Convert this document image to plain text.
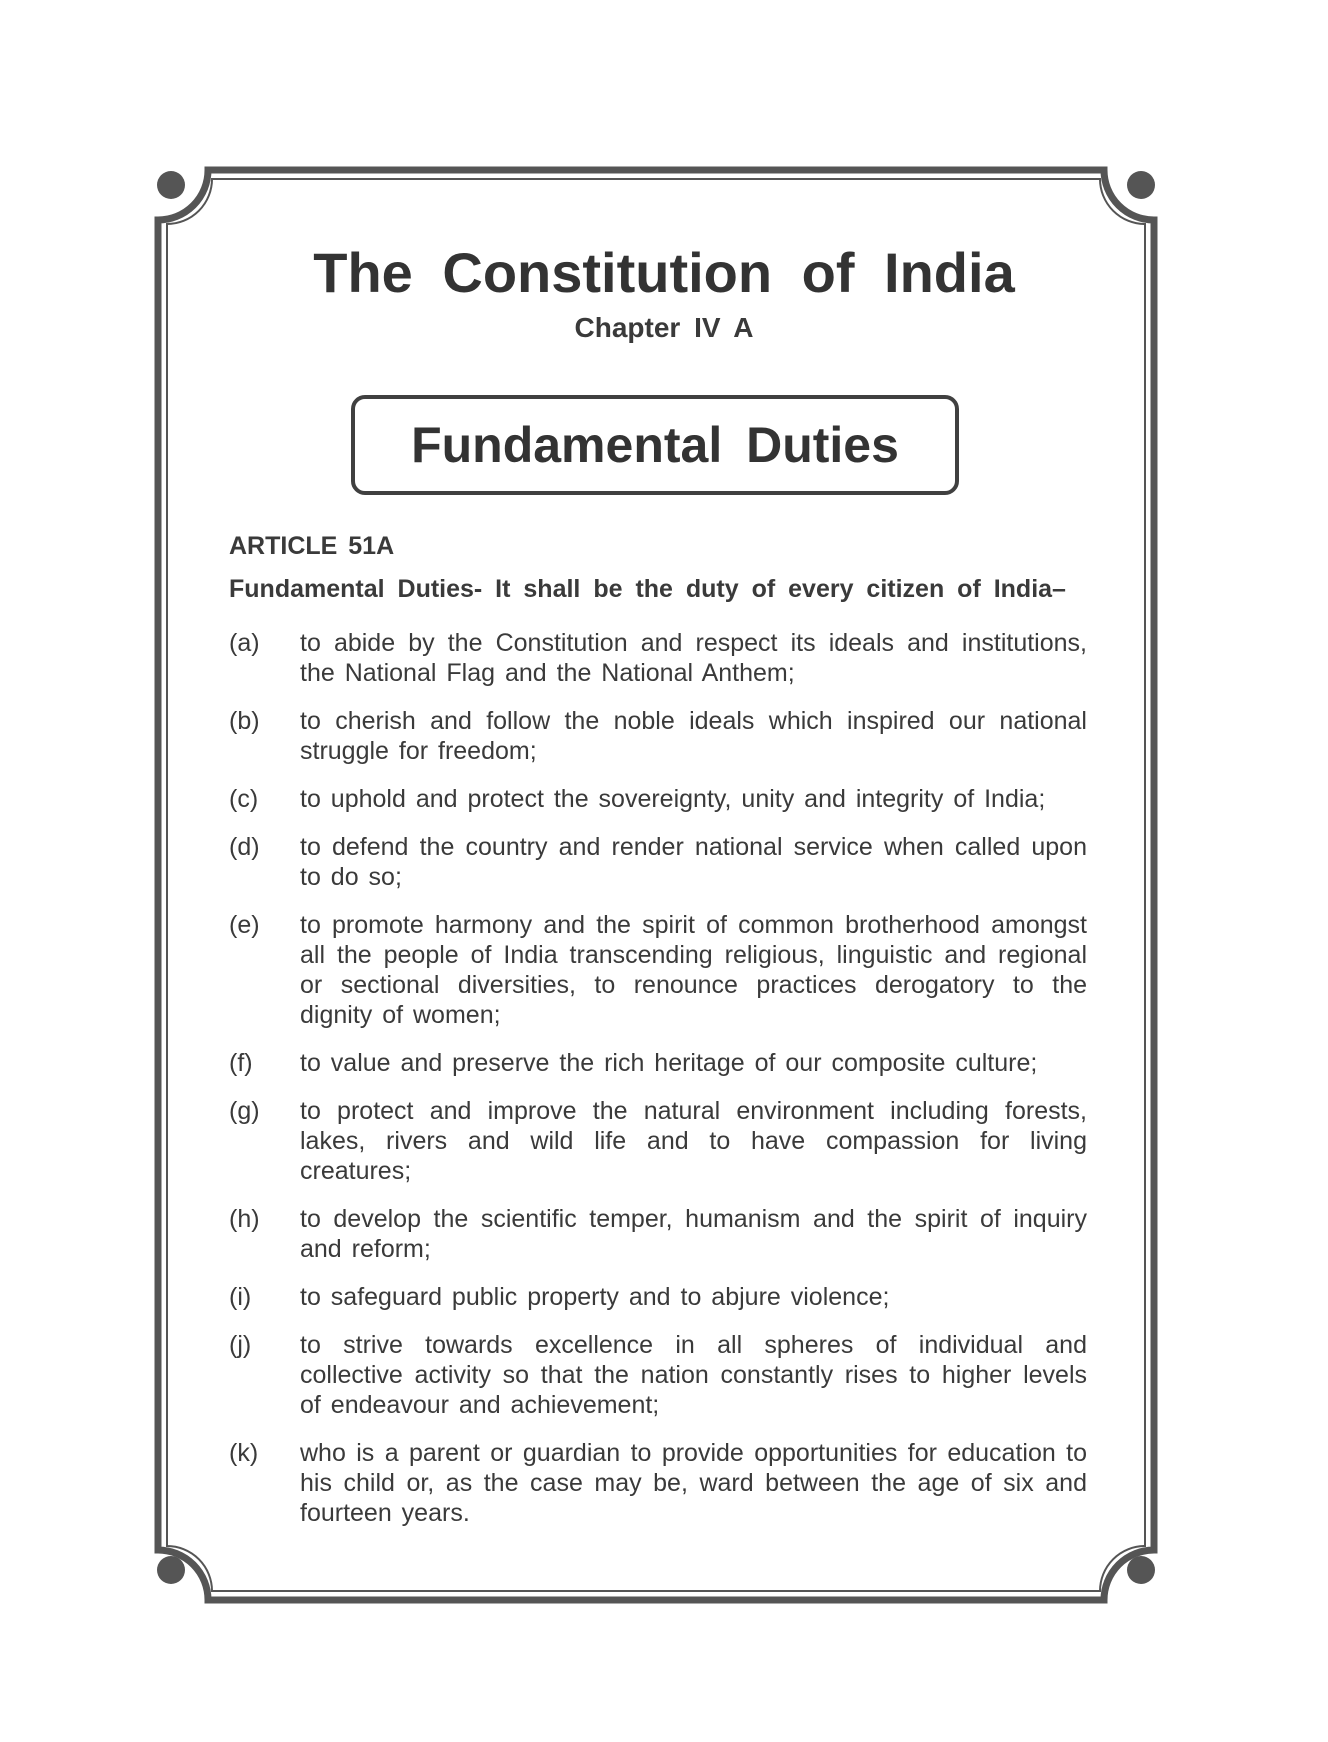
The Constitution of India
Chapter IV A
Fundamental Duties
ARTICLE 51A
Fundamental Duties- It shall be the duty of every citizen of India–
(a)	to abide by the Constitution and respect its ideals and institutions, the National Flag and the National Anthem;
(b)	to cherish and follow the noble ideals which inspired our national struggle for freedom;
(c)	to uphold and protect the sovereignty, unity and integrity of India;
(d)	to defend the country and render national service when called upon to do so;
(e)	to promote harmony and the spirit of common brotherhood amongst all the people of India transcending religious, linguistic and regional or sectional diversities, to renounce practices derogatory to the dignity of women;
(f)	to value and preserve the rich heritage of our composite culture;
(g)	to protect and improve the natural environment including forests, lakes, rivers and wild life and to have compassion for living creatures;
(h)	to develop the scientific temper, humanism and the spirit of inquiry and reform;
(i)	to safeguard public property and to abjure violence;
(j)	to strive towards excellence in all spheres of individual and collective activity so that the nation constantly rises to higher levels of endeavour and achievement;
(k)	who is a parent or guardian to provide opportunities for education to his child or, as the case may be, ward between the age of six and fourteen years.
